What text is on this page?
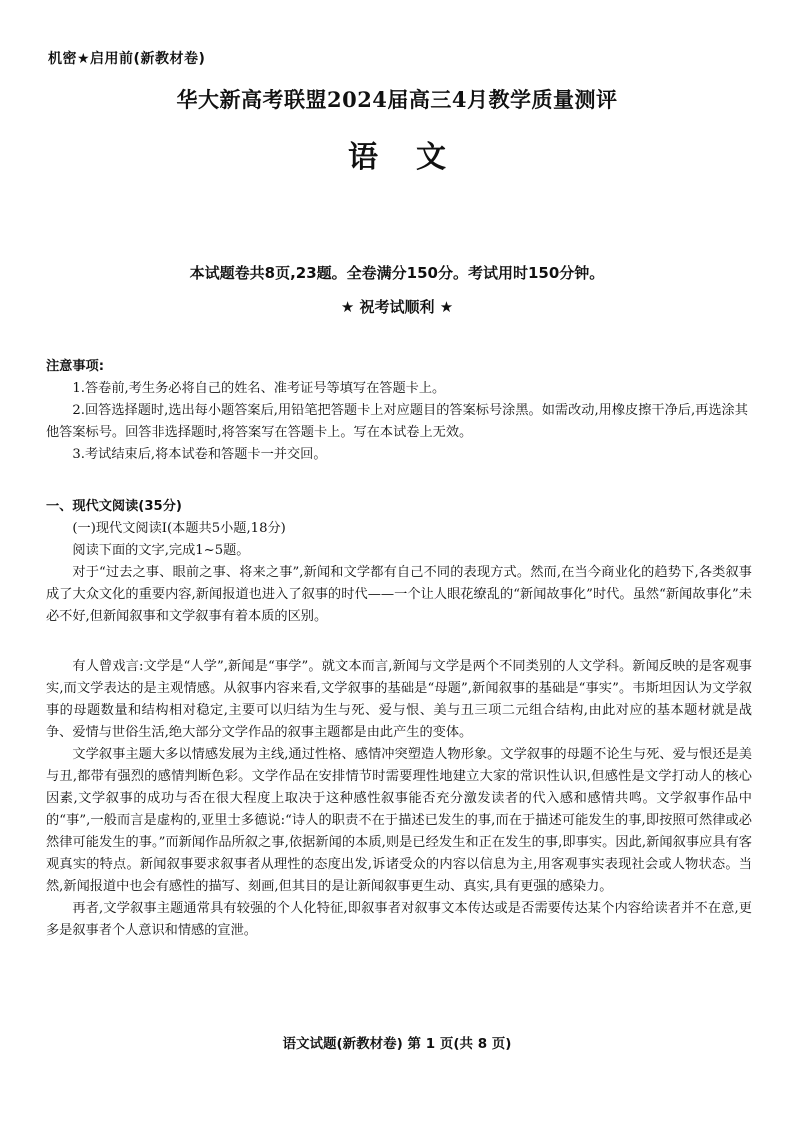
机密★启用前(新教材卷)
华大新高考联盟2024届高三4月教学质量测评
语文
本试题卷共8页,23题。全卷满分150分。考试用时150分钟。
★ 祝考试顺利 ★
注意事项:

1.答卷前,考生务必将自己的姓名、准考证号等填写在答题卡上。

2.回答选择题时,选出每小题答案后,用铅笔把答题卡上对应题目的答案标号涂黑。如需改动,用橡皮擦干净后,再选涂其他答案标号。回答非选择题时,将答案写在答题卡上。写在本试卷上无效。

3.考试结束后,将本试卷和答题卡一并交回。

一、现代文阅读(35分)

(一)现代文阅读Ⅰ(本题共5小题,18分)

阅读下面的文字,完成1~5题。

对于“过去之事、眼前之事、将来之事”,新闻和文学都有自己不同的表现方式。然而,在当今商业化的趋势下,各类叙事成了大众文化的重要内容,新闻报道也进入了叙事的时代——一个让人眼花缭乱的“新闻故事化”时代。虽然“新闻故事化”未必不好,但新闻叙事和文学叙事有着本质的区别。

有人曾戏言:文学是“人学”,新闻是“事学”。就文本而言,新闻与文学是两个不同类别的人文学科。新闻反映的是客观事实,而文学表达的是主观情感。从叙事内容来看,文学叙事的基础是“母题”,新闻叙事的基础是“事实”。韦斯坦因认为文学叙事的母题数量和结构相对稳定,主要可以归结为生与死、爱与恨、美与丑三项二元组合结构,由此对应的基本题材就是战争、爱情与世俗生活,绝大部分文学作品的叙事主题都是由此产生的变体。

文学叙事主题大多以情感发展为主线,通过性格、感情冲突塑造人物形象。文学叙事的母题不论生与死、爱与恨还是美与丑,都带有强烈的感情判断色彩。文学作品在安排情节时需要理性地建立大家的常识性认识,但感性是文学打动人的核心因素,文学叙事的成功与否在很大程度上取决于这种感性叙事能否充分激发读者的代入感和感情共鸣。文学叙事作品中的“事”,一般而言是虚构的,亚里士多德说:“诗人的职责不在于描述已发生的事,而在于描述可能发生的事,即按照可然律或必然律可能发生的事。”而新闻作品所叙之事,依据新闻的本质,则是已经发生和正在发生的事,即事实。因此,新闻叙事应具有客观真实的特点。新闻叙事要求叙事者从理性的态度出发,诉诸受众的内容以信息为主,用客观事实表现社会或人物状态。当然,新闻报道中也会有感性的描写、刻画,但其目的是让新闻叙事更生动、真实,具有更强的感染力。

再者,文学叙事主题通常具有较强的个人化特征,即叙事者对叙事文本传达或是否需要传达某个内容给读者并不在意,更多是叙事者个人意识和情感的宣泄。

语文试题(新教材卷) 第 1 页(共 8 页)
